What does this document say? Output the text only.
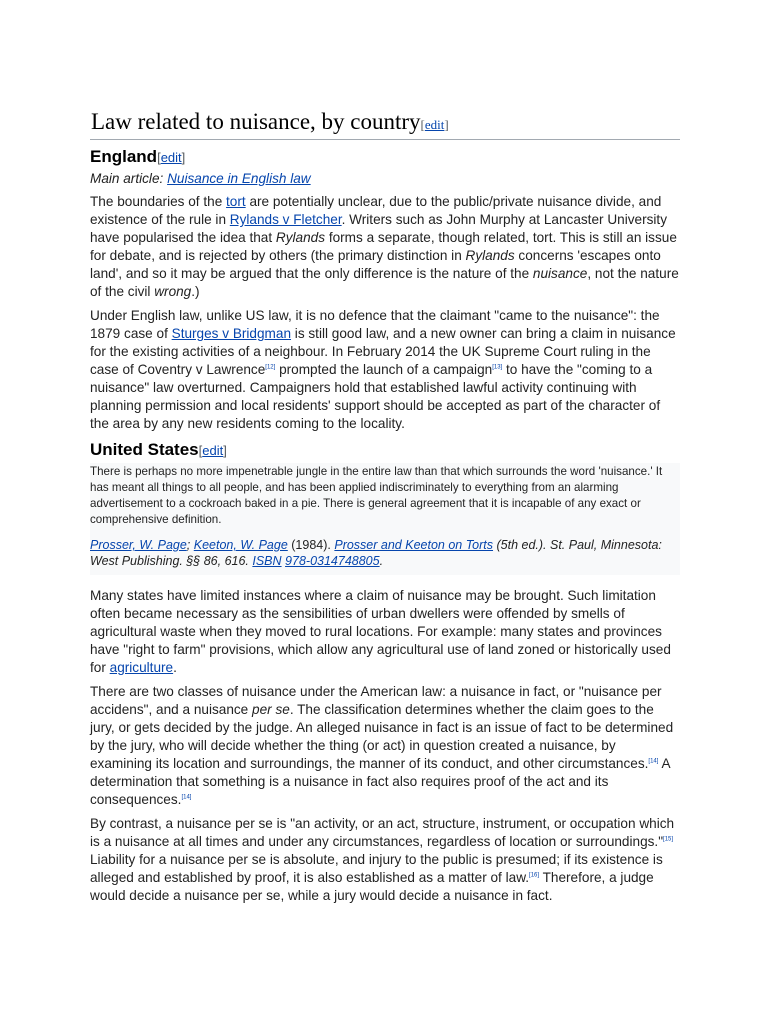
Law related to nuisance, by country[edit]
England[edit]
Main article: Nuisance in English law

The boundaries of the tort are potentially unclear, due to the public/private nuisance divide, and existence of the rule in Rylands v Fletcher. Writers such as John Murphy at Lancaster University have popularised the idea that Rylands forms a separate, though related, tort. This is still an issue for debate, and is rejected by others (the primary distinction in Rylands concerns 'escapes onto land', and so it may be argued that the only difference is the nature of the nuisance, not the nature of the civil wrong.)

Under English law, unlike US law, it is no defence that the claimant "came to the nuisance": the 1879 case of Sturges v Bridgman is still good law, and a new owner can bring a claim in nuisance for the existing activities of a neighbour. In February 2014 the UK Supreme Court ruling in the case of Coventry v Lawrence[12] prompted the launch of a campaign[13] to have the "coming to a nuisance" law overturned. Campaigners hold that established lawful activity continuing with planning permission and local residents' support should be accepted as part of the character of the area by any new residents coming to the locality.

United States[edit]

There is perhaps no more impenetrable jungle in the entire law than that which surrounds the word 'nuisance.' It has meant all things to all people, and has been applied indiscriminately to everything from an alarming advertisement to a cockroach baked in a pie. There is general agreement that it is incapable of any exact or comprehensive definition.

Prosser, W. Page; Keeton, W. Page (1984). Prosser and Keeton on Torts (5th ed.). St. Paul, Minnesota: West Publishing. §§ 86, 616. ISBN 978-0314748805.

Many states have limited instances where a claim of nuisance may be brought. Such limitation often became necessary as the sensibilities of urban dwellers were offended by smells of agricultural waste when they moved to rural locations. For example: many states and provinces have "right to farm" provisions, which allow any agricultural use of land zoned or historically used for agriculture.

There are two classes of nuisance under the American law: a nuisance in fact, or "nuisance per accidens", and a nuisance per se. The classification determines whether the claim goes to the jury, or gets decided by the judge. An alleged nuisance in fact is an issue of fact to be determined by the jury, who will decide whether the thing (or act) in question created a nuisance, by examining its location and surroundings, the manner of its conduct, and other circumstances.[14] A determination that something is a nuisance in fact also requires proof of the act and its consequences.[14]

By contrast, a nuisance per se is "an activity, or an act, structure, instrument, or occupation which is a nuisance at all times and under any circumstances, regardless of location or surroundings."[15] Liability for a nuisance per se is absolute, and injury to the public is presumed; if its existence is alleged and established by proof, it is also established as a matter of law.[16] Therefore, a judge would decide a nuisance per se, while a jury would decide a nuisance in fact.
